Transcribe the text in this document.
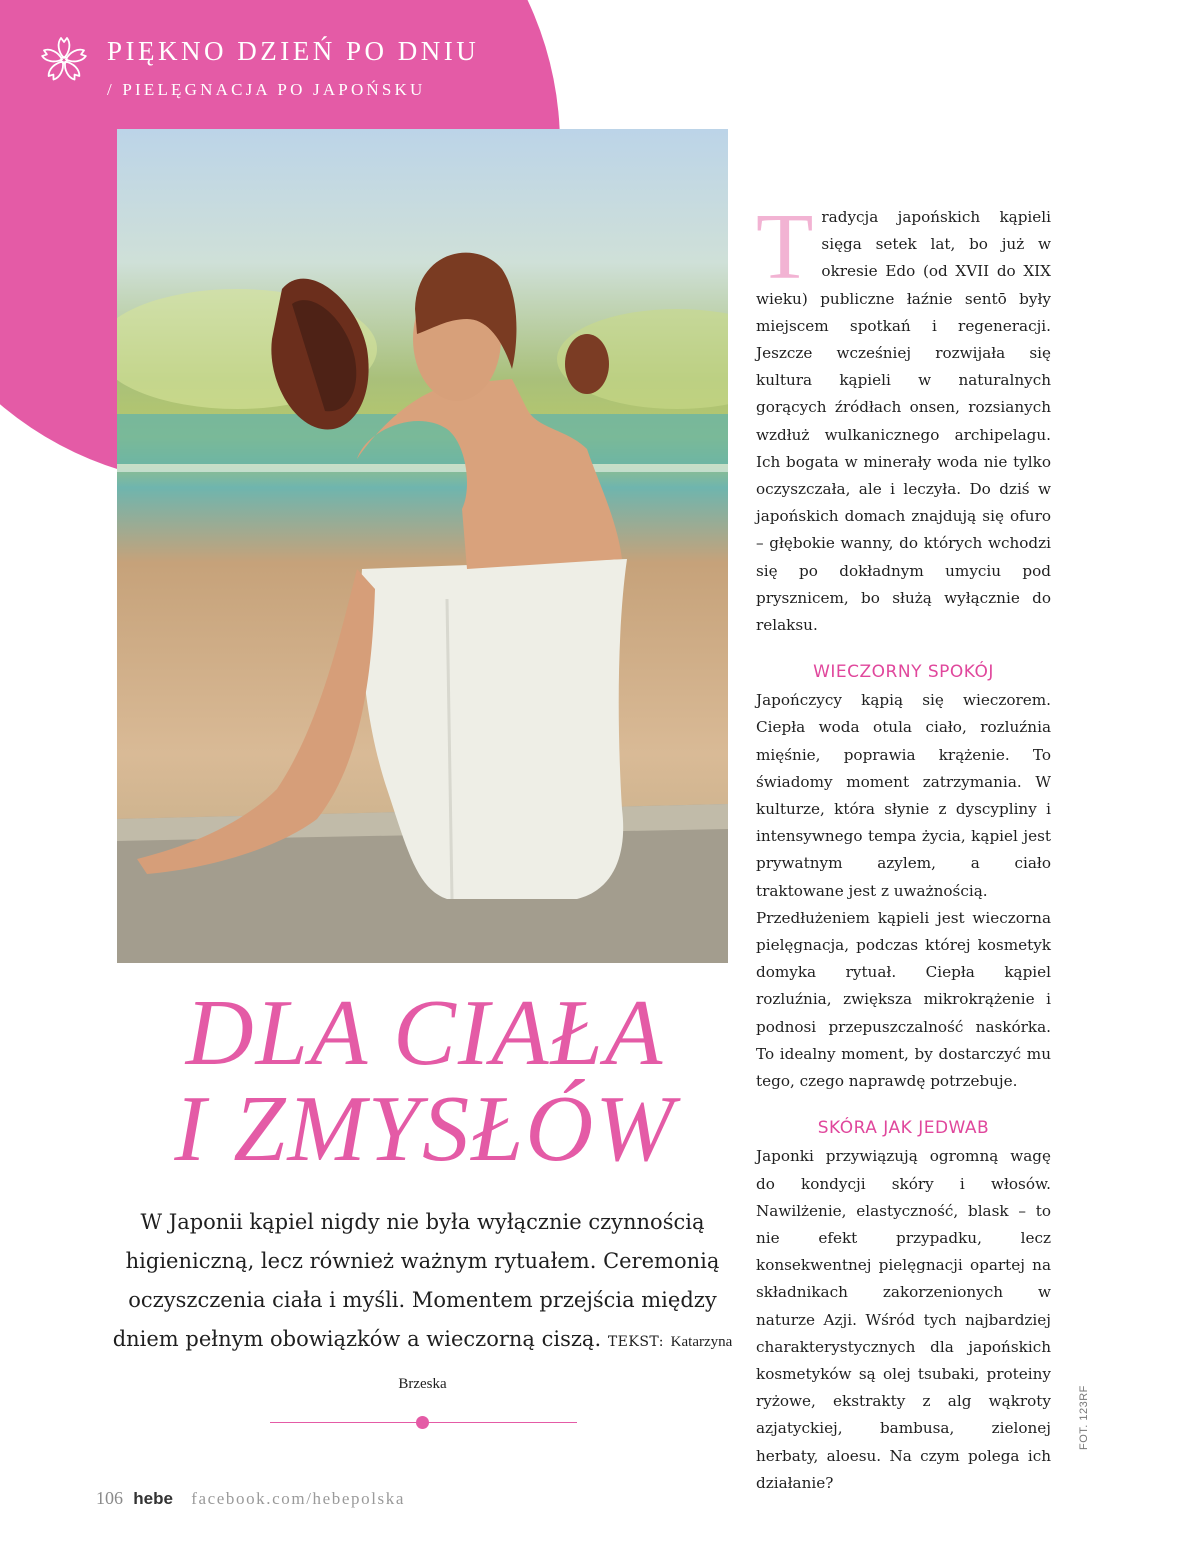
PIĘKNO DZIEŃ PO DNIU
/ PIELĘGNACJA PO JAPOŃSKU

Tradycja japońskich kąpieli sięga setek lat, bo już w okresie Edo (od XVII do XIX wieku) publiczne łaźnie sentō były miejscem spotkań i regeneracji. Jeszcze wcześniej rozwijała się kultura kąpieli w naturalnych gorących źródłach onsen, rozsianych wzdłuż wulkanicznego archipelagu. Ich bogata w minerały woda nie tylko oczyszczała, ale i leczyła. Do dziś w japońskich domach znajdują się ofuro – głębokie wanny, do których wchodzi się po dokładnym umyciu pod prysznicem, bo służą wyłącznie do relaksu.

WIECZORNY SPOKÓJ

Japończycy kąpią się wieczorem. Ciepła woda otula ciało, rozluźnia mięśnie, poprawia krążenie. To świadomy moment zatrzymania. W kulturze, która słynie z dyscypliny i intensywnego tempa życia, kąpiel jest prywatnym azylem, a ciało traktowane jest z uważnością.

Przedłużeniem kąpieli jest wieczorna pielęgnacja, podczas której kosmetyk domyka rytuał. Ciepła kąpiel rozluźnia, zwiększa mikrokrążenie i podnosi przepuszczalność naskórka. To idealny moment, by dostarczyć mu tego, czego naprawdę potrzebuje.

SKÓRA JAK JEDWAB

Japonki przywiązują ogromną wagę do kondycji skóry i włosów. Nawilżenie, elastyczność, blask – to nie efekt przypadku, lecz konsekwentnej pielęgnacji opartej na składnikach zakorzenionych w naturze Azji. Wśród tych najbardziej charakterystycznych dla japońskich kosmetyków są olej tsubaki, proteiny ryżowe, ekstrakty z alg wąkroty azjatyckiej, bambusa, zielonej herbaty, aloesu. Na czym polega ich działanie?

DLA CIAŁA
I ZMYSŁÓW
W Japonii kąpiel nigdy nie była wyłącznie czynnością higieniczną, lecz również ważnym rytuałem. Ceremonią oczyszczenia ciała i myśli. Momentem przejścia między dniem pełnym obowiązków a wieczorną ciszą. TEKST: Katarzyna Brzeska
106 hebe facebook.com/hebepolska
FOT. 123RF
